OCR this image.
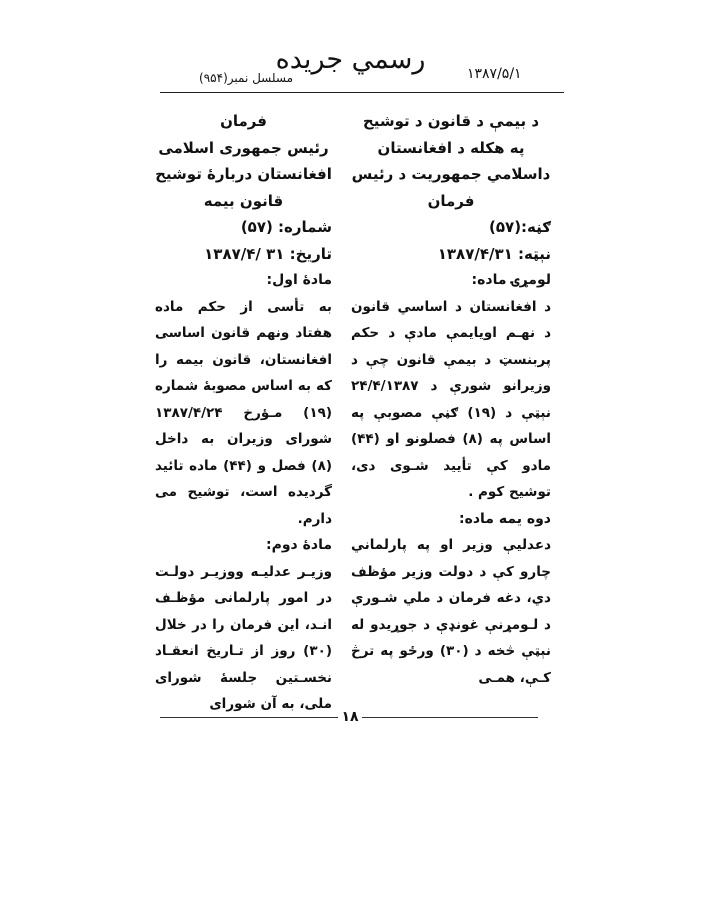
رسمي جريده	۱۳۸۷/۵/۱
مسلسل نمبر(۹۵۴)
د بیمې د قانون د توشیح
په هکله د افغانستان
داسلامي جمهوريت د رئيس
فرمان
ګڼه:(۵۷)
نېټه: ۱۳۸۷/۴/۳۱
لومړۍ ماده:
د افغانستان د اساسي قانون د نهـم اويايمې مادې د حکم پربنسټ د بیمې قانون چې د وزيرانو شورې د ۲۴/۴/۱۳۸۷ نېټې د (۱۹) ګڼې مصوبې په اساس په (۸) فصلونو او (۴۴) مادو کې تأييد شـوی دی، توشیح کوم .
دوه یمه ماده:
دعدلیې وزیر او په پارلماني چارو کې د دولت وزير مؤظف دي، دغه فرمان د ملي شـورې د لـومړنې غونډې د جوړيدو له نېټې څخه د (۳۰) ورځو په ترڅ کـې، همـی
فرمان
رئیس جمهوری اسلامی
افغانستان دربارهٔ توشیح
قانون بیمه
شماره: (۵۷)
تاریخ: ۳۱ /۱۳۸۷/۴
مادهٔ اول:
به تأسی از حکم ماده هفتاد ونهم قانون اساسی افغانستان، قانون بیمه را که به اساس مصوبهٔ شماره (۱۹) مـؤرخ ۱۳۸۷/۴/۲۴ شورای وزیران به داخل (۸) فصل و (۴۴) ماده تائید گردیده است، توشیح می دارم.
مادهٔ دوم:
وزیـر عدلیـه ووزیـر دولـت در امور پارلمانی مؤظـف انـد، این فرمان را در خلال (۳۰) روز از تـاریخ انعقـاد نخسـتین جلسهٔ شورای ملی، به آن شورای
۱۸
